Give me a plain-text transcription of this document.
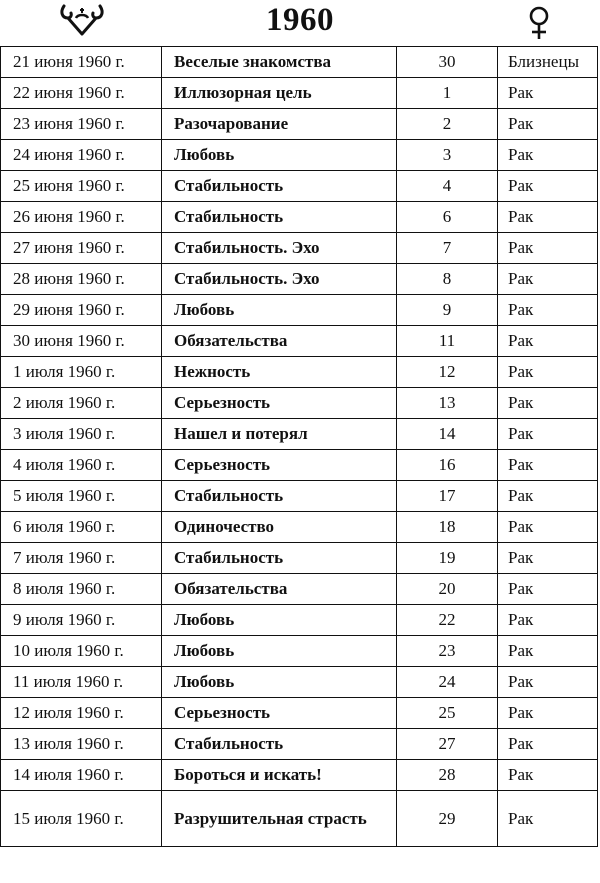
1960
21 июня 1960 г.	Веселые знакомства	30	Близнецы
22 июня 1960 г.	Иллюзорная цель	1	Рак
23 июня 1960 г.	Разочарование	2	Рак
24 июня 1960 г.	Любовь	3	Рак
25 июня 1960 г.	Стабильность	4	Рак
26 июня 1960 г.	Стабильность	6	Рак
27 июня 1960 г.	Стабильность. Эхо	7	Рак
28 июня 1960 г.	Стабильность. Эхо	8	Рак
29 июня 1960 г.	Любовь	9	Рак
30 июня 1960 г.	Обязательства	11	Рак
1 июля 1960 г.	Нежность	12	Рак
2 июля 1960 г.	Серьезность	13	Рак
3 июля 1960 г.	Нашел и потерял	14	Рак
4 июля 1960 г.	Серьезность	16	Рак
5 июля 1960 г.	Стабильность	17	Рак
6 июля 1960 г.	Одиночество	18	Рак
7 июля 1960 г.	Стабильность	19	Рак
8 июля 1960 г.	Обязательства	20	Рак
9 июля 1960 г.	Любовь	22	Рак
10 июля 1960 г.	Любовь	23	Рак
11 июля 1960 г.	Любовь	24	Рак
12 июля 1960 г.	Серьезность	25	Рак
13 июля 1960 г.	Стабильность	27	Рак
14 июля 1960 г.	Бороться и искать!	28	Рак
15 июля 1960 г.	Разрушительная страсть	29	Рак
